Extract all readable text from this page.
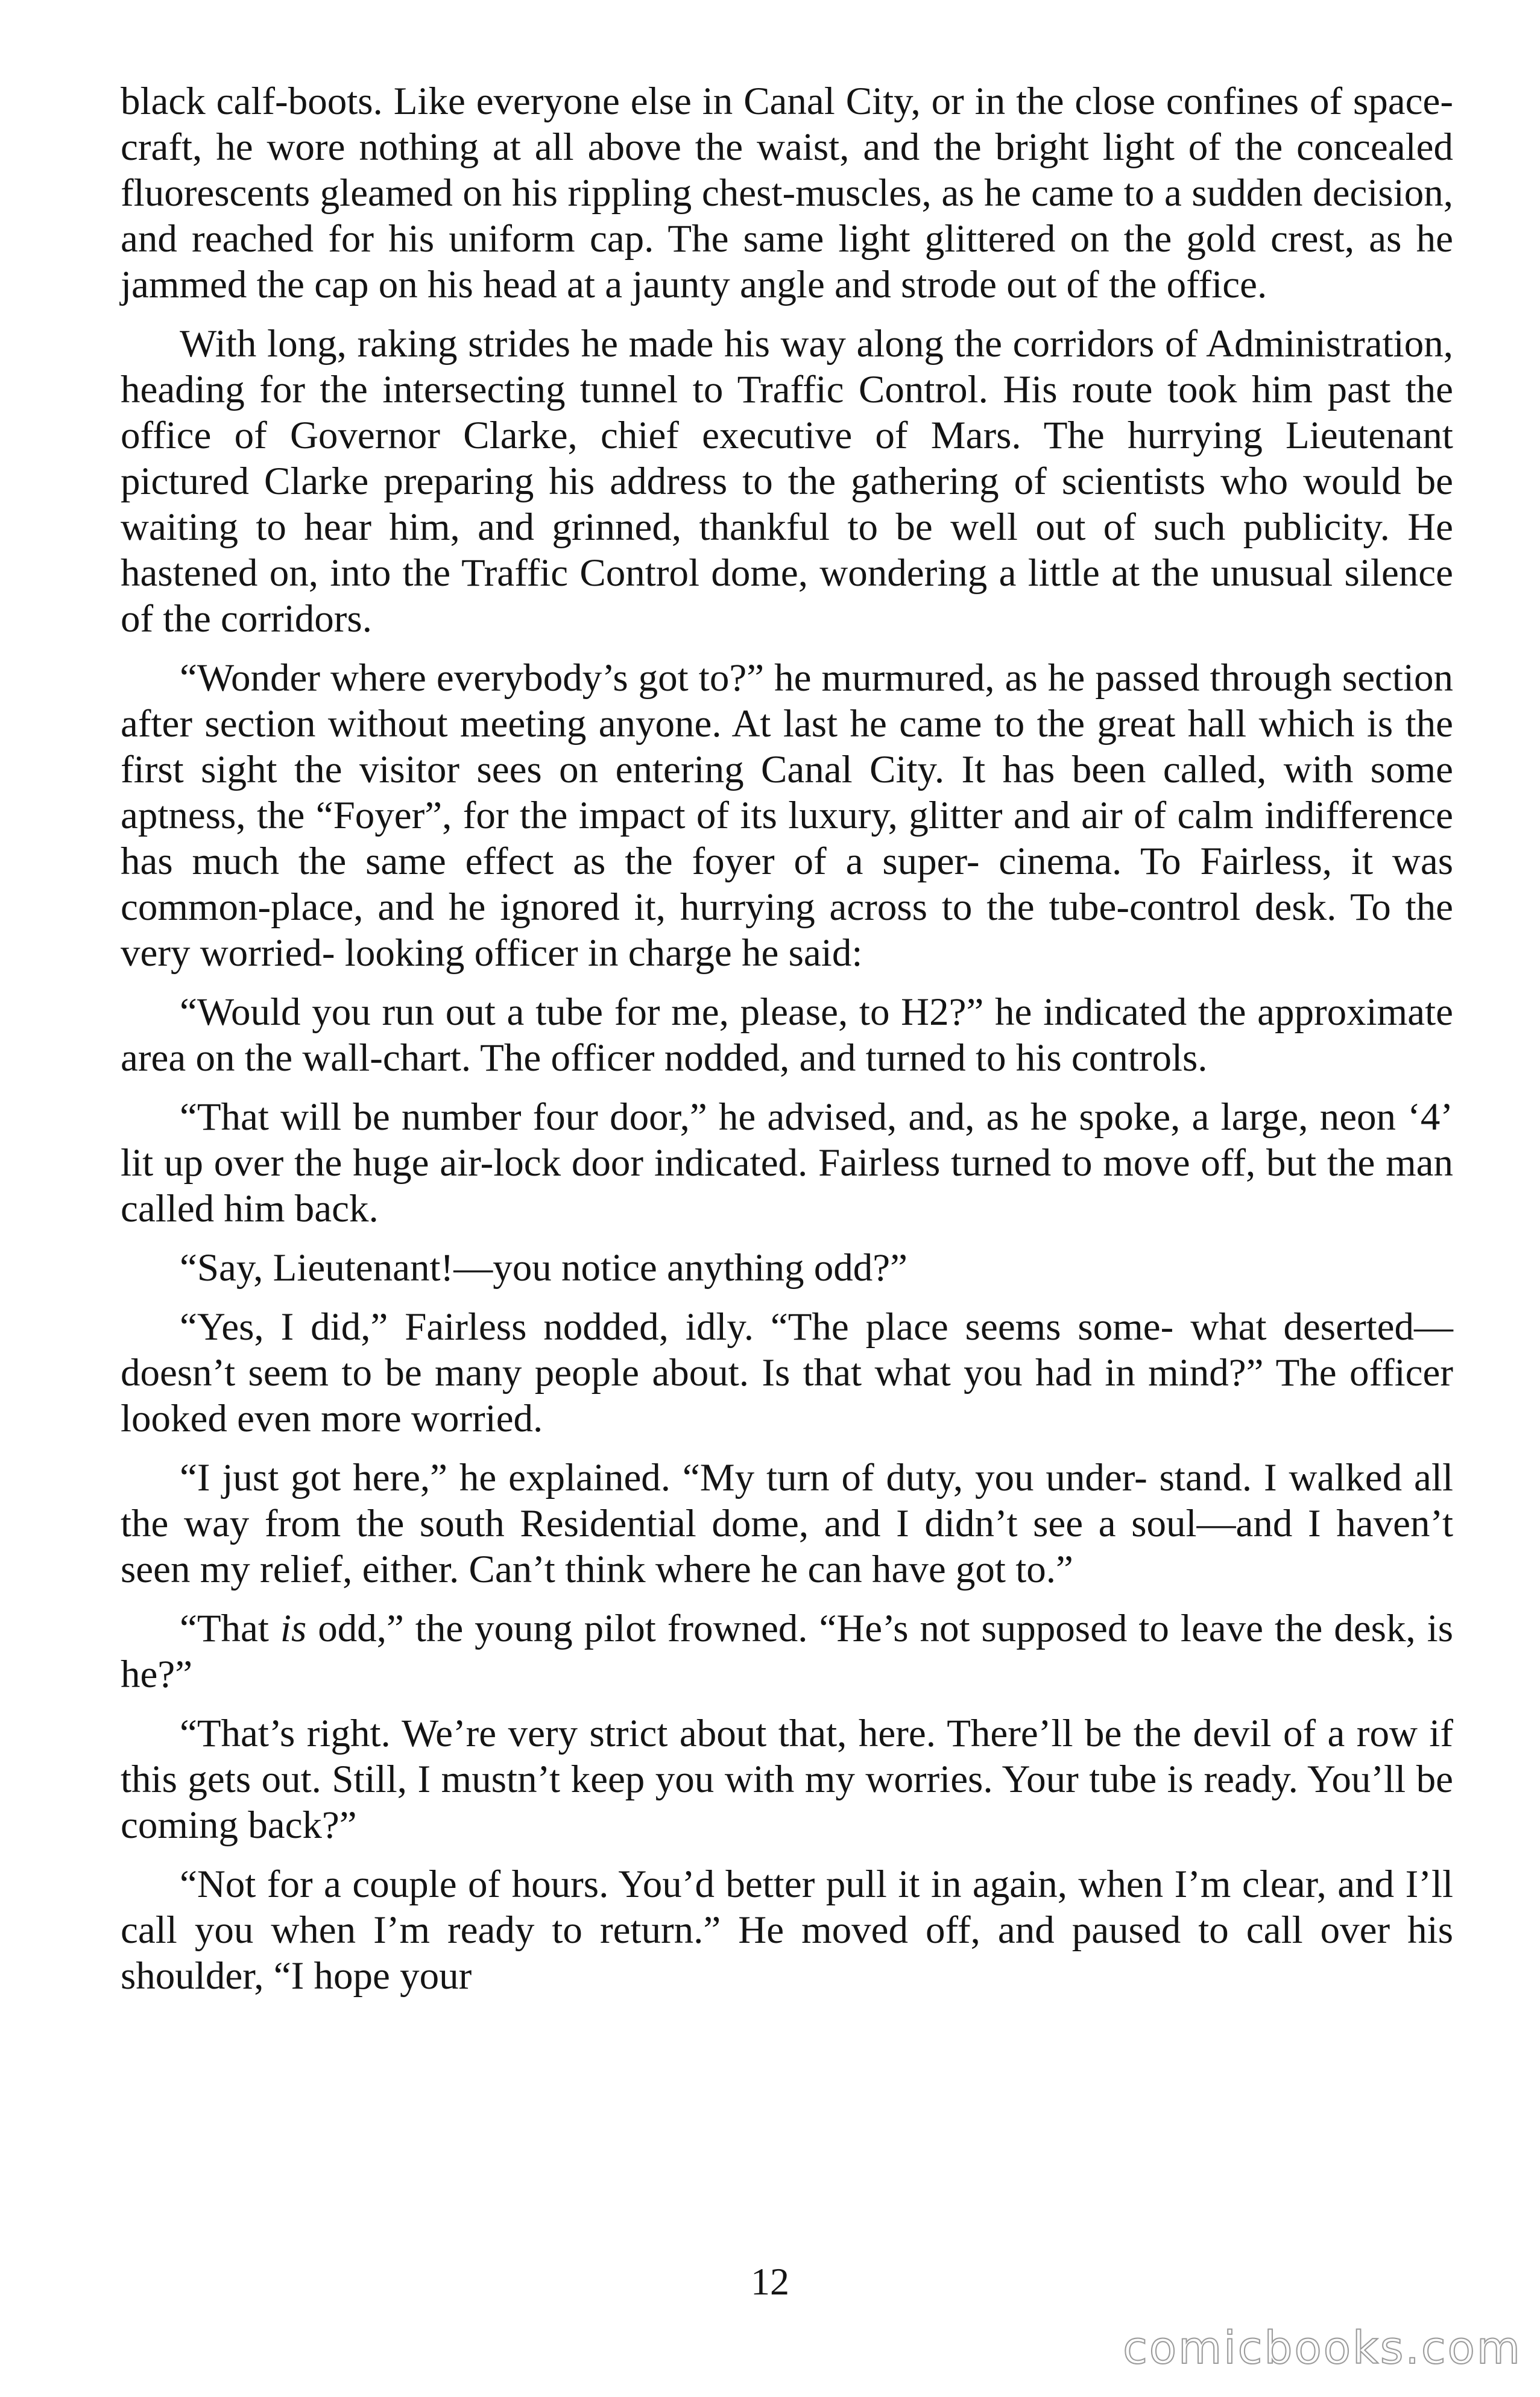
black calf-boots. Like everyone else in Canal City, or in the close confines of space-craft, he wore nothing at all above the waist, and the bright light of the concealed fluorescents gleamed on his rippling chest-muscles, as he came to a sudden decision, and reached for his uniform cap. The same light glittered on the gold crest, as he jammed the cap on his head at a jaunty angle and strode out of the office.

With long, raking strides he made his way along the corridors of Administration, heading for the intersecting tunnel to Traffic Control. His route took him past the office of Governor Clarke, chief executive of Mars. The hurrying Lieutenant pictured Clarke preparing his address to the gathering of scientists who would be waiting to hear him, and grinned, thankful to be well out of such publicity. He hastened on, into the Traffic Control dome, wondering a little at the unusual silence of the corridors.

“Wonder where everybody’s got to?” he murmured, as he passed through section after section without meeting anyone. At last he came to the great hall which is the first sight the visitor sees on entering Canal City. It has been called, with some aptness, the “Foyer”, for the impact of its luxury, glitter and air of calm indifference has much the same effect as the foyer of a super- cinema. To Fairless, it was common-place, and he ignored it, hurrying across to the tube-control desk. To the very worried- looking officer in charge he said:

“Would you run out a tube for me, please, to H2?” he indicated the approximate area on the wall-chart. The officer nodded, and turned to his controls.

“That will be number four door,” he advised, and, as he spoke, a large, neon ‘4’ lit up over the huge air-lock door indicated. Fairless turned to move off, but the man called him back.

“Say, Lieutenant!—you notice anything odd?”

“Yes, I did,” Fairless nodded, idly. “The place seems some- what deserted—doesn’t seem to be many people about. Is that what you had in mind?” The officer looked even more worried.

“I just got here,” he explained. “My turn of duty, you under- stand. I walked all the way from the south Residential dome, and I didn’t see a soul—and I haven’t seen my relief, either. Can’t think where he can have got to.”

“That is odd,” the young pilot frowned. “He’s not supposed to leave the desk, is he?”

“That’s right. We’re very strict about that, here. There’ll be the devil of a row if this gets out. Still, I mustn’t keep you with my worries. Your tube is ready. You’ll be coming back?”

“Not for a couple of hours. You’d better pull it in again, when I’m clear, and I’ll call you when I’m ready to return.” He moved off, and paused to call over his shoulder, “I hope your

12
comicbooks.com
